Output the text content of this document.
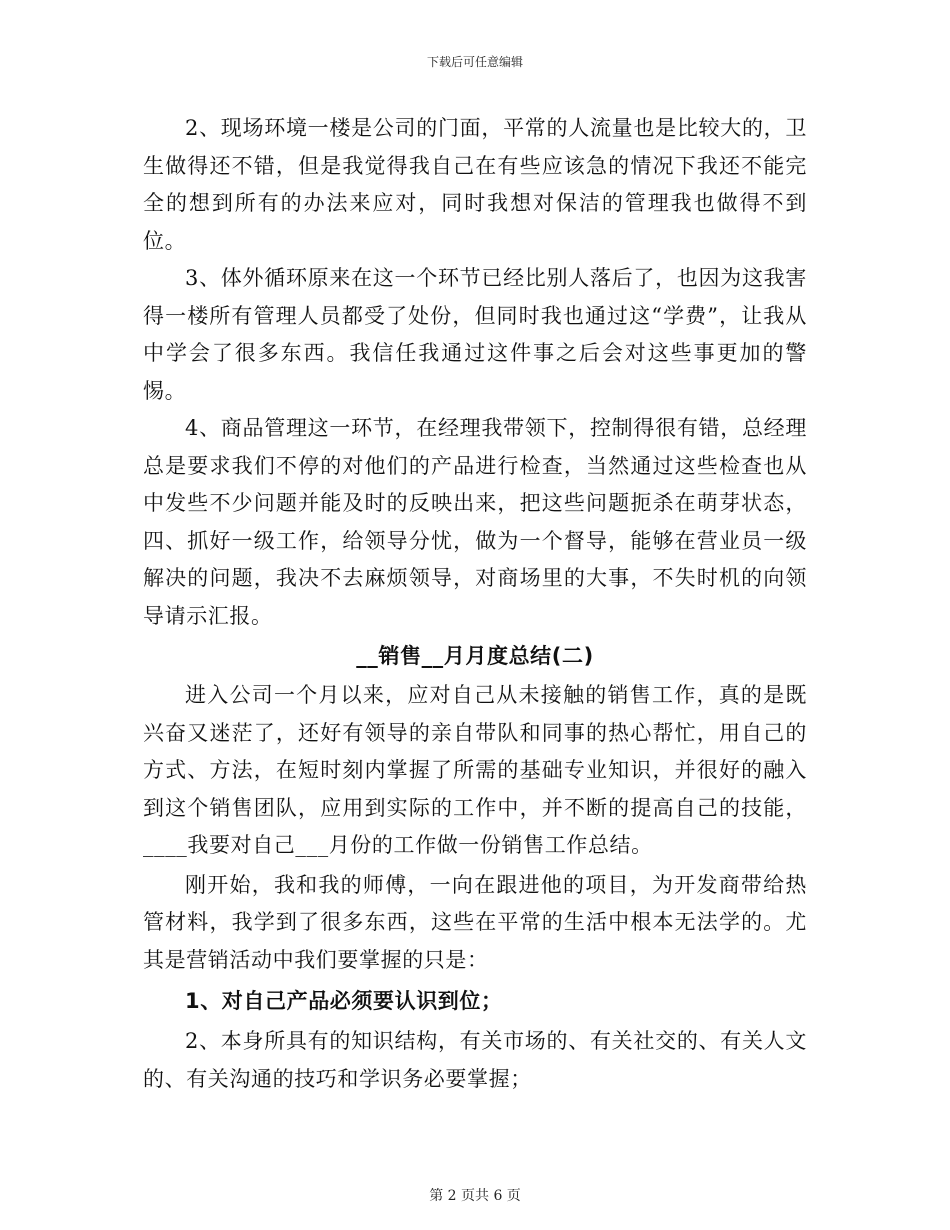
下载后可任意编辑

2、现场环境一楼是公司的门面，平常的人流量也是比较大的，卫生做得还不错，但是我觉得我自己在有些应该急的情况下我还不能完全的想到所有的办法来应对，同时我想对保洁的管理我也做得不到位。

3、体外循环原来在这一个环节已经比别人落后了，也因为这我害得一楼所有管理人员都受了处份，但同时我也通过这“学费”，让我从中学会了很多东西。我信任我通过这件事之后会对这些事更加的警惕。

4、商品管理这一环节，在经理我带领下，控制得很有错，总经理总是要求我们不停的对他们的产品进行检查，当然通过这些检查也从中发些不少问题并能及时的反映出来，把这些问题扼杀在萌芽状态，四、抓好一级工作，给领导分忧，做为一个督导，能够在营业员一级解决的问题，我决不去麻烦领导，对商场里的大事，不失时机的向领导请示汇报。

__销售__月月度总结(二)

进入公司一个月以来，应对自己从未接触的销售工作，真的是既兴奋又迷茫了，还好有领导的亲自带队和同事的热心帮忙，用自己的方式、方法，在短时刻内掌握了所需的基础专业知识，并很好的融入到这个销售团队，应用到实际的工作中，并不断的提高自己的技能，____我要对自己___月份的工作做一份销售工作总结。

刚开始，我和我的师傅，一向在跟进他的项目，为开发商带给热管材料，我学到了很多东西，这些在平常的生活中根本无法学的。尤其是营销活动中我们要掌握的只是：

1、对自己产品必须要认识到位；

2、本身所具有的知识结构，有关市场的、有关社交的、有关人文的、有关沟通的技巧和学识务必要掌握；

第 2 页共 6 页
